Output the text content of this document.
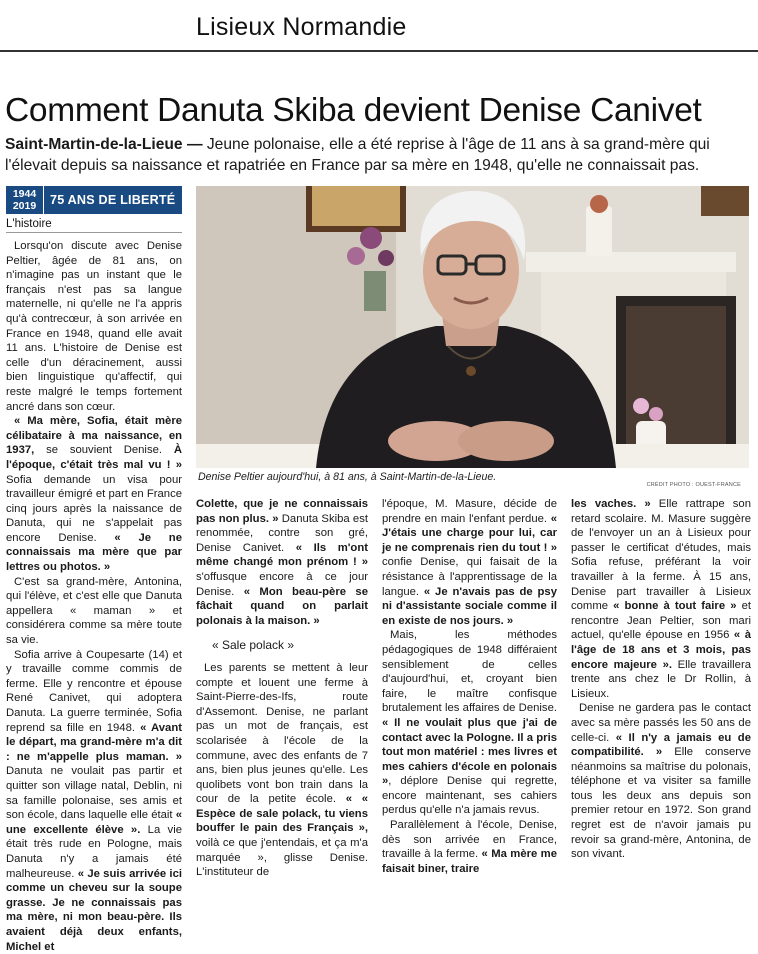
Lisieux Normandie
Comment Danuta Skiba devient Denise Canivet
Saint-Martin-de-la-Lieue — Jeune polonaise, elle a été reprise à l'âge de 11 ans à sa grand-mère qui l'élevait depuis sa naissance et rapatriée en France par sa mère en 1948, qu'elle ne connaissait pas.
1944
2019	75 ANS DE LIBERTÉ
L'histoire

Lorsqu'on discute avec Denise Peltier, âgée de 81 ans, on n'imagine pas un instant que le français n'est pas sa langue maternelle, ni qu'elle ne l'a appris qu'à contrecœur, à son arrivée en France en 1948, quand elle avait 11 ans. L'histoire de Denise est celle d'un déracinement, aussi bien linguistique qu'affectif, qui reste malgré le temps fortement ancré dans son cœur.

« Ma mère, Sofia, était mère célibataire à ma naissance, en 1937, se souvient Denise. À l'époque, c'était très mal vu ! » Sofia demande un visa pour travailleur émigré et part en France cinq jours après la naissance de Danuta, qui ne s'appelait pas encore Denise. « Je ne connaissais ma mère que par lettres ou photos. »

C'est sa grand-mère, Antonina, qui l'élève, et c'est elle que Danuta appellera « maman » et considérera comme sa mère toute sa vie.

Sofia arrive à Coupesarte (14) et y travaille comme commis de ferme. Elle y rencontre et épouse René Canivet, qui adoptera Danuta. La guerre terminée, Sofia reprend sa fille en 1948. « Avant le départ, ma grand-mère m'a dit : ne m'appelle plus maman. » Danuta ne voulait pas partir et quitter son village natal, Deblin, ni sa famille polonaise, ses amis et son école, dans laquelle elle était « une excellente élève ». La vie était très rude en Pologne, mais Danuta n'y a jamais été malheureuse. « Je suis arrivée ici comme un cheveu sur la soupe grasse. Je ne connaissais pas ma mère, ni mon beau-père. Ils avaient déjà deux enfants, Michel et

CRÉDIT PHOTO : OUEST-FRANCE
Denise Peltier aujourd'hui, à 81 ans, à Saint-Martin-de-la-Lieue.

Colette, que je ne connaissais pas non plus. » Danuta Skiba est renommée, contre son gré, Denise Canivet. « Ils m'ont même changé mon prénom ! » s'offusque encore à ce jour Denise. « Mon beau-père se fâchait quand on parlait polonais à la maison. »

« Sale polack »

Les parents se mettent à leur compte et louent une ferme à Saint-Pierre-des-Ifs, route d'Assemont. Denise, ne parlant pas un mot de français, est scolarisée à l'école de la commune, avec des enfants de 7 ans, bien plus jeunes qu'elle. Les quolibets vont bon train dans la cour de la petite école. « « Espèce de sale polack, tu viens bouffer le pain des Français », voilà ce que j'entendais, et ça m'a marquée », glisse Denise. L'instituteur de

l'époque, M. Masure, décide de prendre en main l'enfant perdue. « J'étais une charge pour lui, car je ne comprenais rien du tout ! » confie Denise, qui faisait de la résistance à l'apprentissage de la langue. « Je n'avais pas de psy ni d'assistante sociale comme il en existe de nos jours. »

Mais, les méthodes pédagogiques de 1948 différaient sensiblement de celles d'aujourd'hui, et, croyant bien faire, le maître confisque brutalement les affaires de Denise. « Il ne voulait plus que j'ai de contact avec la Pologne. Il a pris tout mon matériel : mes livres et mes cahiers d'école en polonais », déplore Denise qui regrette, encore maintenant, ses cahiers perdus qu'elle n'a jamais revus.

Parallèlement à l'école, Denise, dès son arrivée en France, travaille à la ferme. « Ma mère me faisait biner, traire

les vaches. » Elle rattrape son retard scolaire. M. Masure suggère de l'envoyer un an à Lisieux pour passer le certificat d'études, mais Sofia refuse, préférant la voir travailler à la ferme. À 15 ans, Denise part travailler à Lisieux comme « bonne à tout faire » et rencontre Jean Peltier, son mari actuel, qu'elle épouse en 1956 « à l'âge de 18 ans et 3 mois, pas encore majeure ». Elle travaillera trente ans chez le Dr Rollin, à Lisieux.

Denise ne gardera pas le contact avec sa mère passés les 50 ans de celle-ci. « Il n'y a jamais eu de compatibilité. » Elle conserve néanmoins sa maîtrise du polonais, téléphone et va visiter sa famille tous les deux ans depuis son premier retour en 1972. Son grand regret est de n'avoir jamais pu revoir sa grand-mère, Antonina, de son vivant.
